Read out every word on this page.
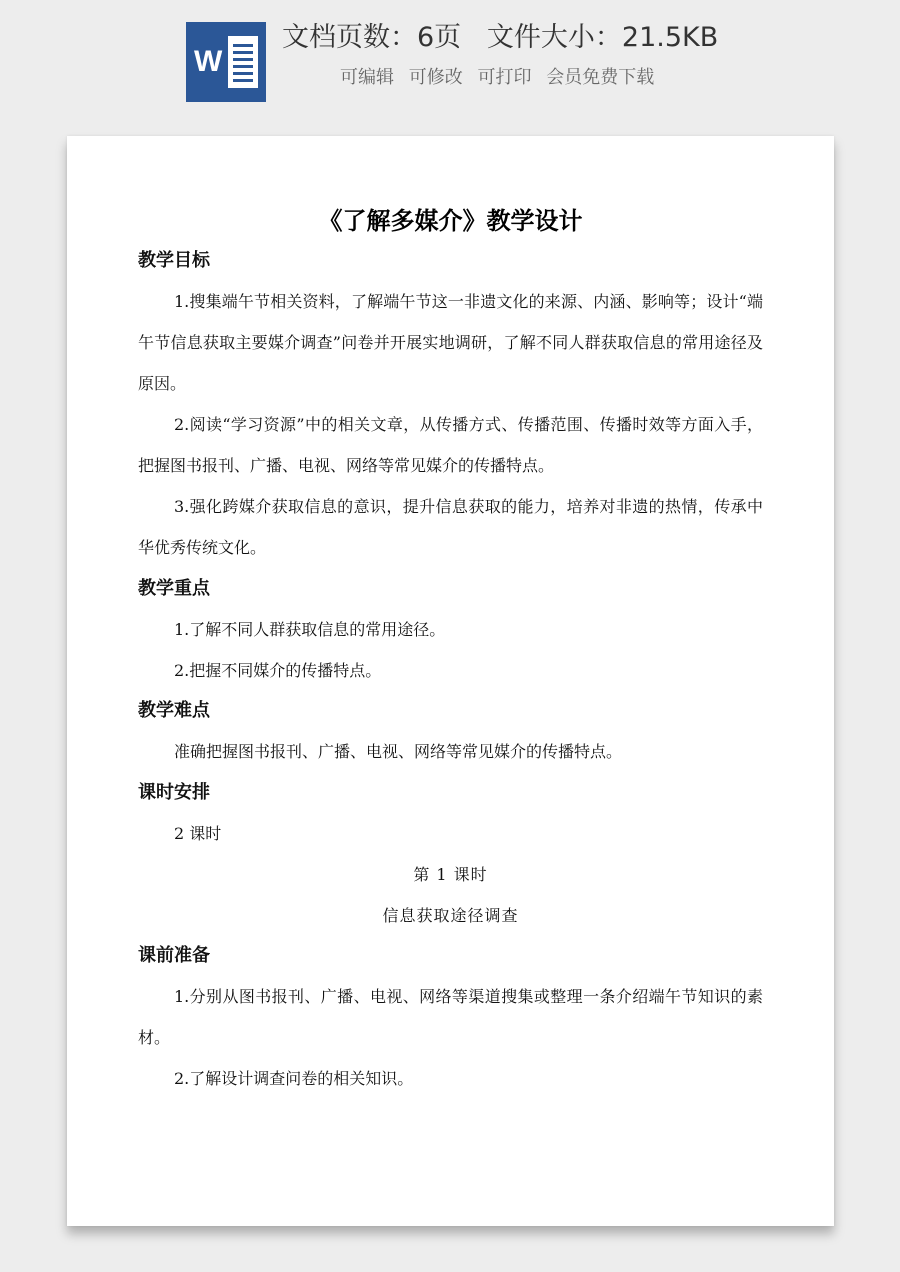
W
文档页数：6页   文件大小：21.5KB
可编辑 可修改 可打印 会员免费下载
《了解多媒介》教学设计
教学目标

1.搜集端午节相关资料，了解端午节这一非遗文化的来源、内涵、影响等；设计“端午节信息获取主要媒介调查”问卷并开展实地调研，了解不同人群获取信息的常用途径及原因。

2.阅读“学习资源”中的相关文章，从传播方式、传播范围、传播时效等方面入手，把握图书报刊、广播、电视、网络等常见媒介的传播特点。

3.强化跨媒介获取信息的意识，提升信息获取的能力，培养对非遗的热情，传承中华优秀传统文化。

教学重点
1.了解不同人群获取信息的常用途径。
2.把握不同媒介的传播特点。
教学难点
准确把握图书报刊、广播、电视、网络等常见媒介的传播特点。
课时安排
2 课时
第 1 课时
信息获取途径调查
课前准备

1.分别从图书报刊、广播、电视、网络等渠道搜集或整理一条介绍端午节知识的素材。

2.了解设计调查问卷的相关知识。
